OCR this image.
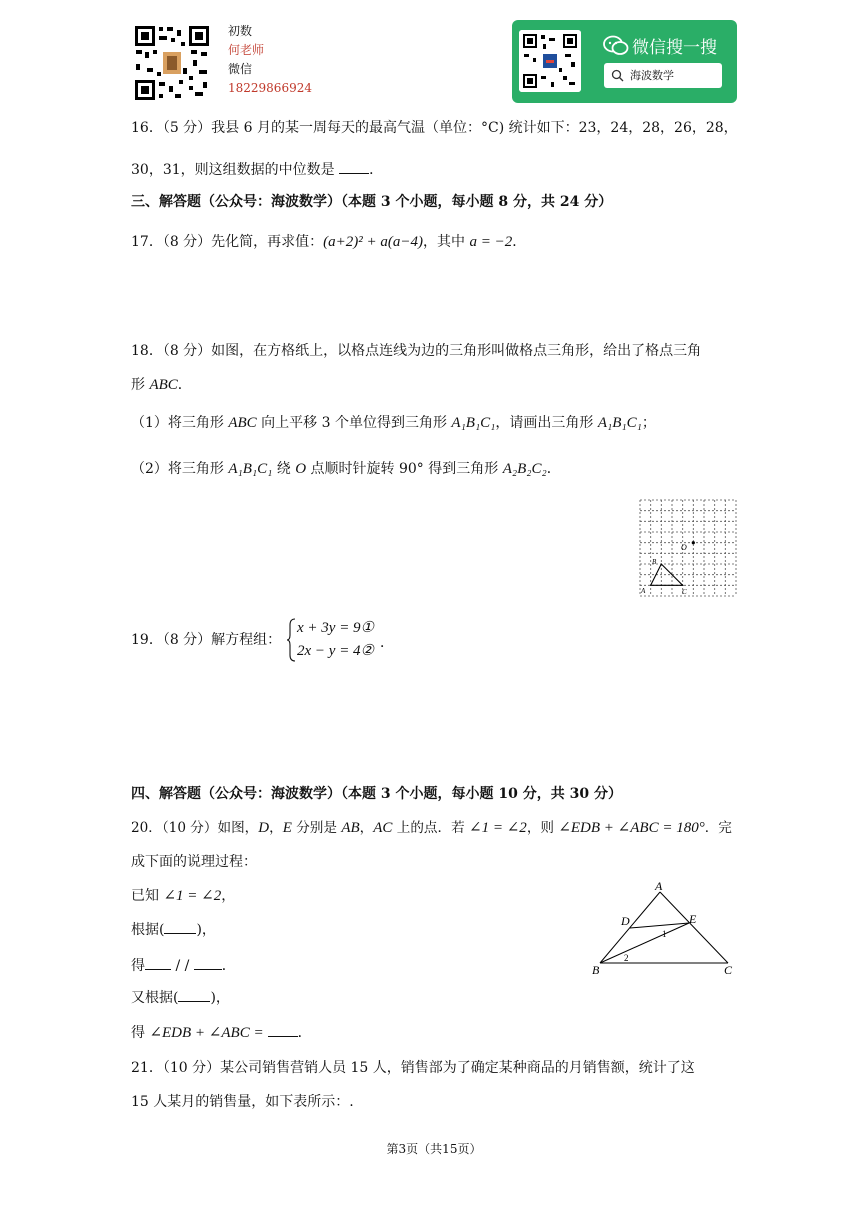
初数
何老师
微信
18229866924
微信搜一搜
海波数学
16．（5 分）我县 6 月的某一周每天的最高气温（单位：°C) 统计如下：23，24，28，26，28，
30，31，则这组数据的中位数是 ．
三、解答题（公众号：海波数学）（本题 3 个小题，每小题 8 分，共 24 分）
17．（8 分）先化简，再求值：(a+2)² + a(a−4)，其中 a = −2．
18．（8 分）如图，在方格纸上，以格点连线为边的三角形叫做格点三角形，给出了格点三角
形 ABC．
（1）将三角形 ABC 向上平移 3 个单位得到三角形 A₁B₁C₁，请画出三角形 A₁B₁C₁；
（2）将三角形 A₁B₁C₁ 绕 O 点顺时针旋转 90° 得到三角形 A₂B₂C₂．
O
B
A	C
19．（8 分）解方程组：
x + 3y = 9①
2x − y = 4② ．
四、解答题（公众号：海波数学）（本题 3 个小题，每小题 10 分，共 30 分）
20．（10 分）如图，D，E 分别是 AB，AC 上的点．若 ∠1 = ∠2，则 ∠EDB + ∠ABC = 180°．完
成下面的说理过程：
已知 ∠1 = ∠2，
根据( )，
得 / / ．
又根据( )，
得 ∠EDB + ∠ABC = ．
A
D	E
1
2
B	C
21．（10 分）某公司销售营销人员 15 人，销售部为了确定某种商品的月销售额，统计了这
15 人某月的销售量，如下表所示：.
第3页（共15页）
